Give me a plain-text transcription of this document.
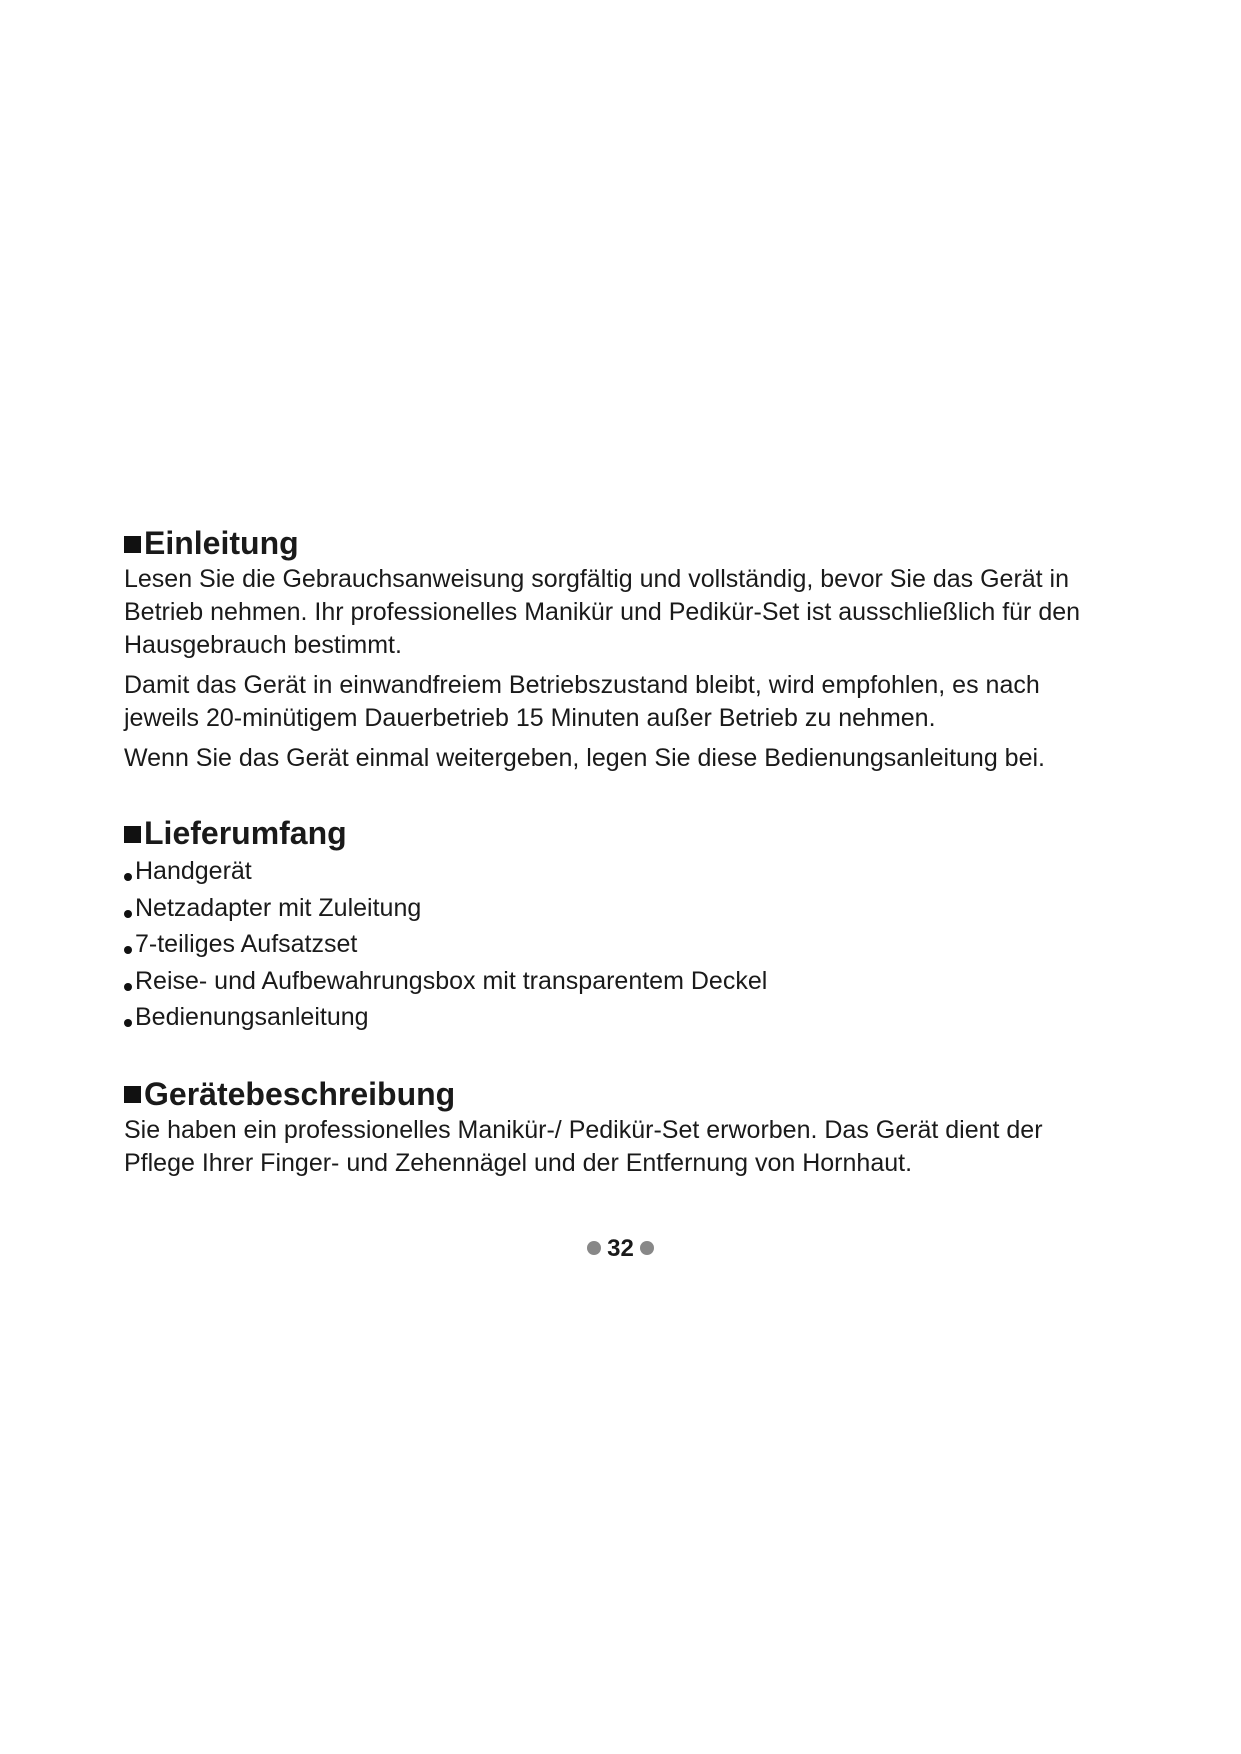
Einleitung

Lesen Sie die Gebrauchsanweisung sorgfältig und vollständig, bevor Sie das Gerät in Betrieb nehmen. Ihr professionelles Manikür und Pedikür-Set ist ausschließlich für den Hausgebrauch bestimmt.

Damit das Gerät in einwandfreiem Betriebszustand bleibt, wird empfohlen, es nach jeweils 20-minütigem Dauerbetrieb 15 Minuten außer Betrieb zu nehmen.

Wenn Sie das Gerät einmal weitergeben, legen Sie diese Bedienungsanleitung bei.

Lieferumfang
Handgerät
Netzadapter mit Zuleitung
7-teiliges Aufsatzset
Reise- und Aufbewahrungsbox mit transparentem Deckel
Bedienungsanleitung
Gerätebeschreibung

Sie haben ein professionelles Manikür-/ Pedikür-Set erworben. Das Gerät dient der Pflege Ihrer Finger- und Zehennägel und der Entfernung von Hornhaut.

32
